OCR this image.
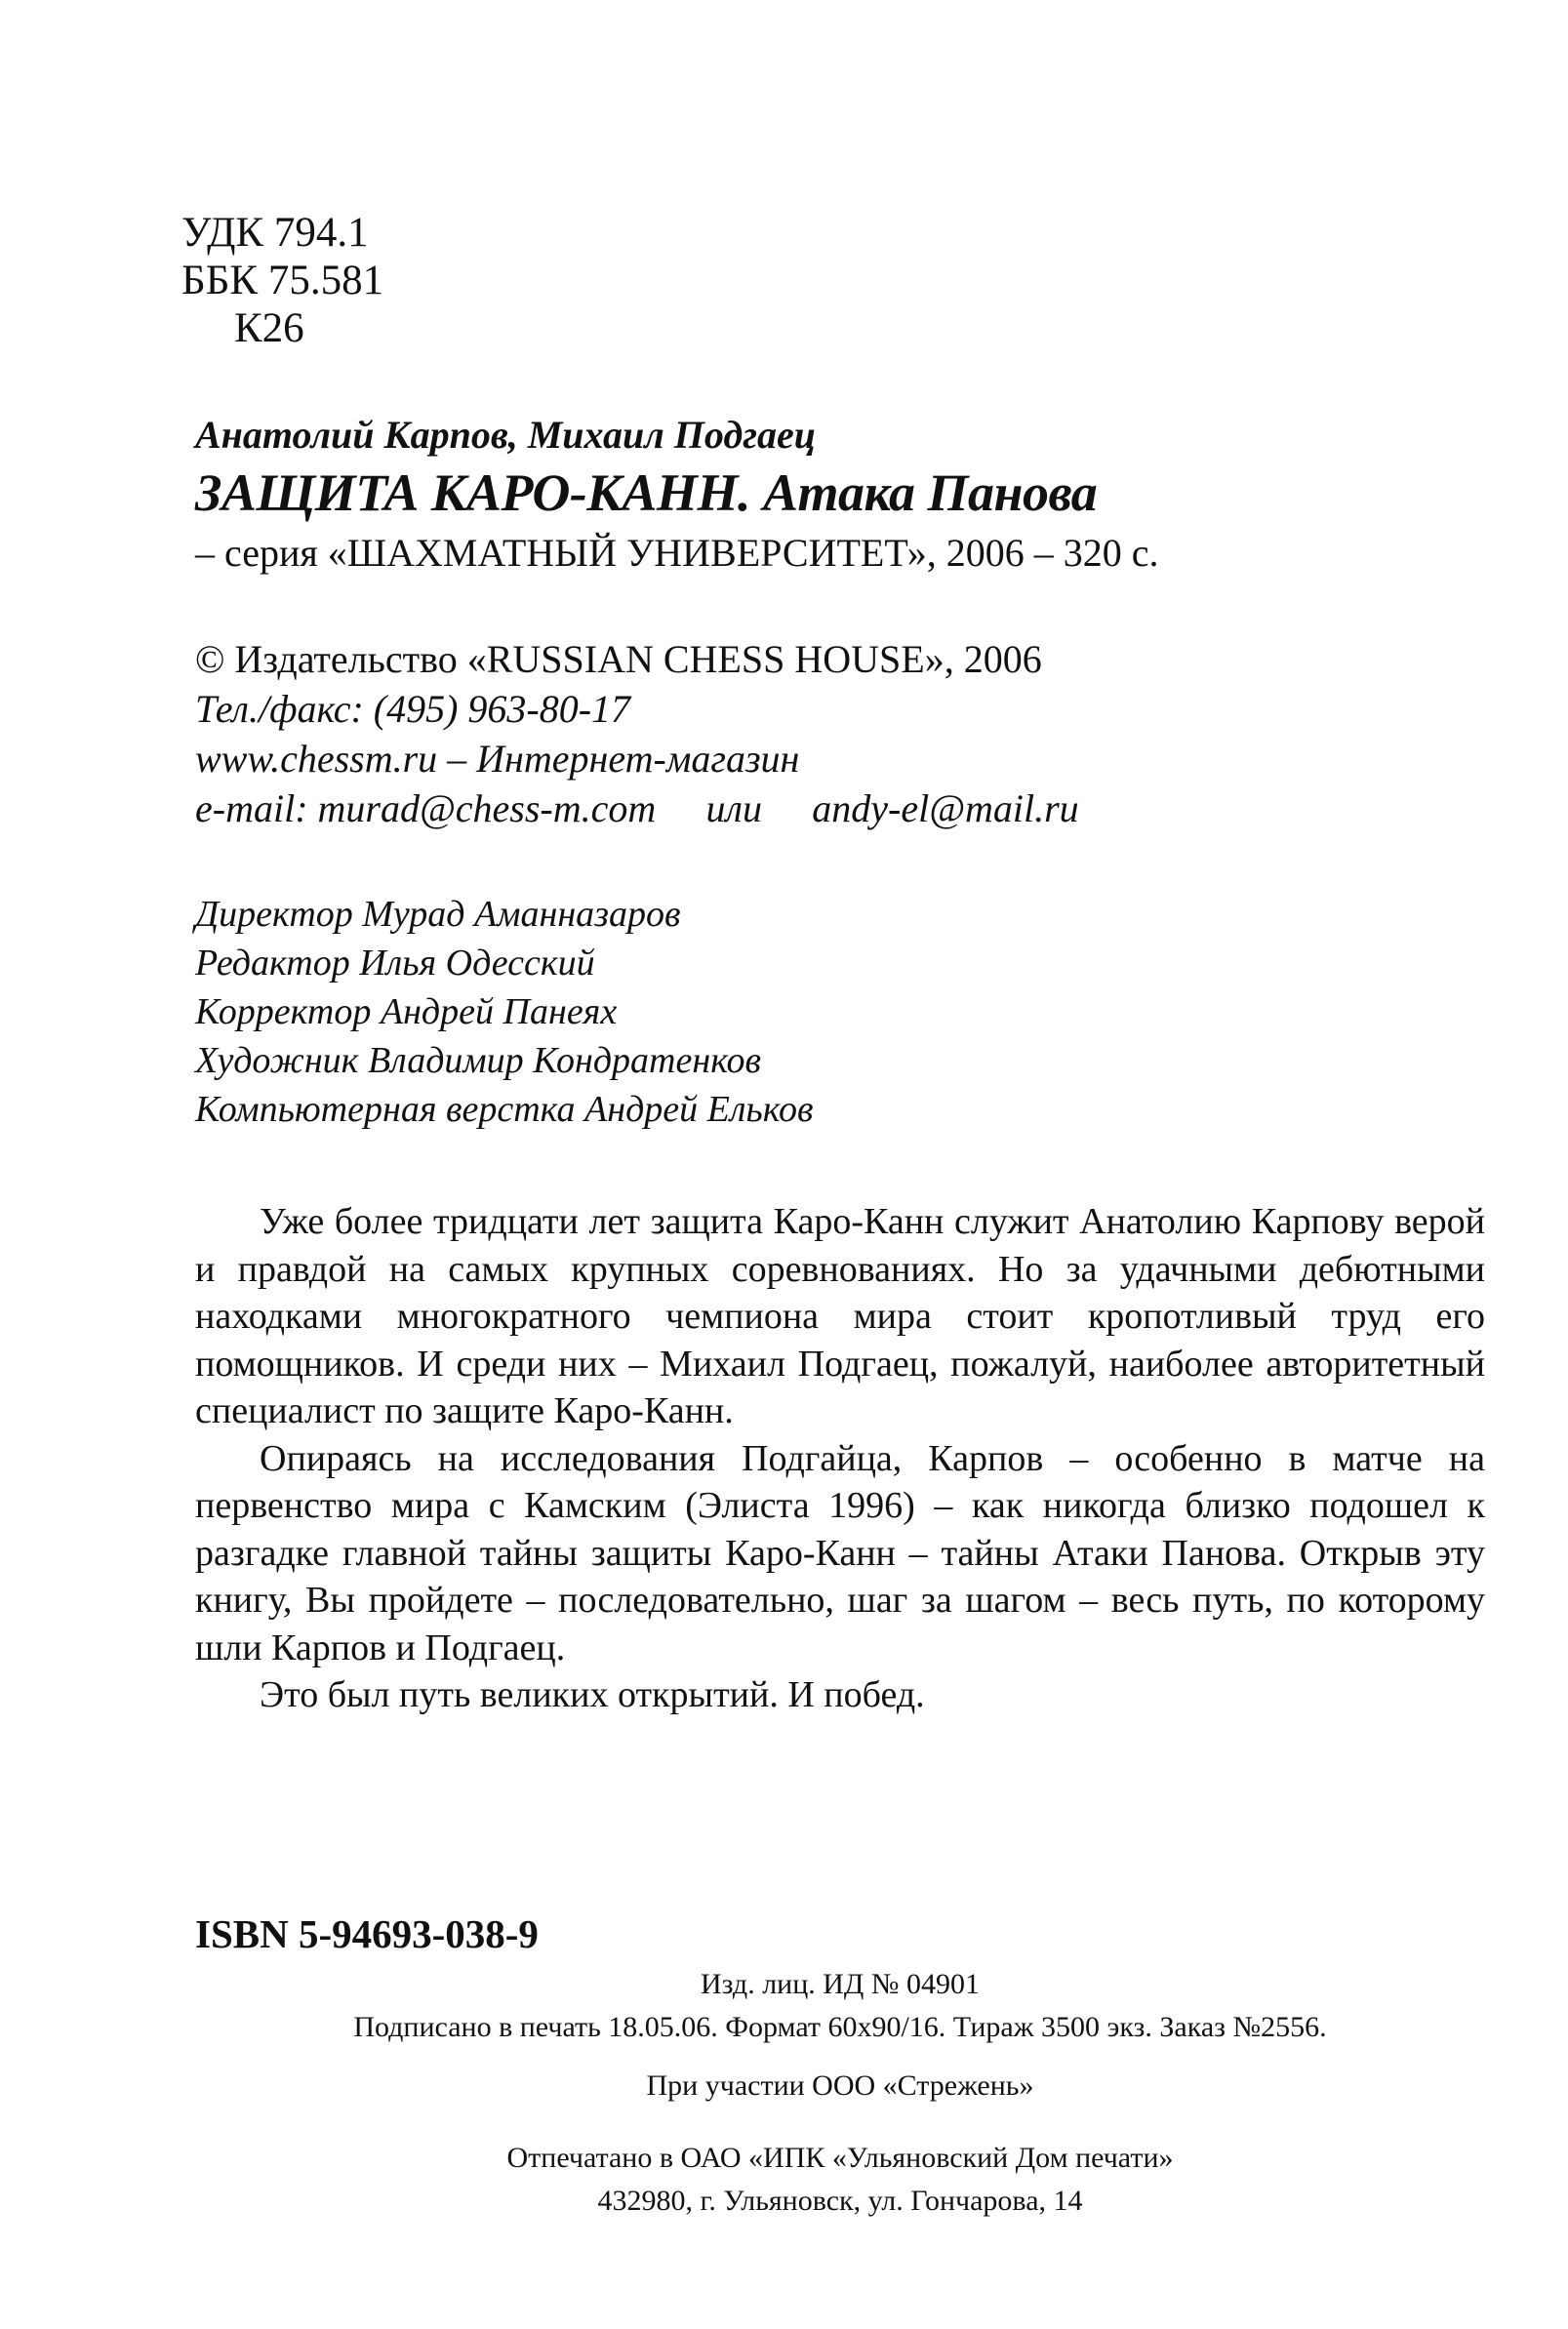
УДК 794.1
ББК 75.581
К26
Анатолий Карпов, Михаил Подгаец
ЗАЩИТА КАРО-КАНН. Атака Панова
– серия «ШАХМАТНЫЙ УНИВЕРСИТЕТ», 2006 – 320 с.
© Издательство «RUSSIAN CHESS HOUSE», 2006
Тел./факс: (495) 963-80-17
www.chessm.ru – Интернет-магазин
e-mail: murad@chess-m.com или andy-el@mail.ru
Директор Мурад Аманназаров
Редактор Илья Одесский
Корректор Андрей Панеях
Художник Владимир Кондратенков
Компьютерная верстка Андрей Ельков

Уже более тридцати лет защита Каро-Канн служит Анатолию Карпову верой и правдой на самых крупных соревнованиях. Но за удачными дебютными находками многократного чемпиона мира стоит кропотливый труд его помощников. И среди них – Михаил Подгаец, пожалуй, наиболее авторитетный специалист по защите Каро-Канн.

Опираясь на исследования Подгайца, Карпов – особенно в матче на первенство мира с Камским (Элиста 1996) – как никогда близко подошел к разгадке главной тайны защиты Каро-Канн – тайны Атаки Панова. Открыв эту книгу, Вы пройдете – последовательно, шаг за шагом – весь путь, по которому шли Карпов и Подгаец.

Это был путь великих открытий. И побед.

ISBN 5-94693-038-9
Изд. лиц. ИД № 04901
Подписано в печать 18.05.06. Формат 60x90/16. Тираж 3500 экз. Заказ №2556.
При участии ООО «Стрежень»
Отпечатано в ОАО «ИПК «Ульяновский Дом печати»
432980, г. Ульяновск, ул. Гончарова, 14
